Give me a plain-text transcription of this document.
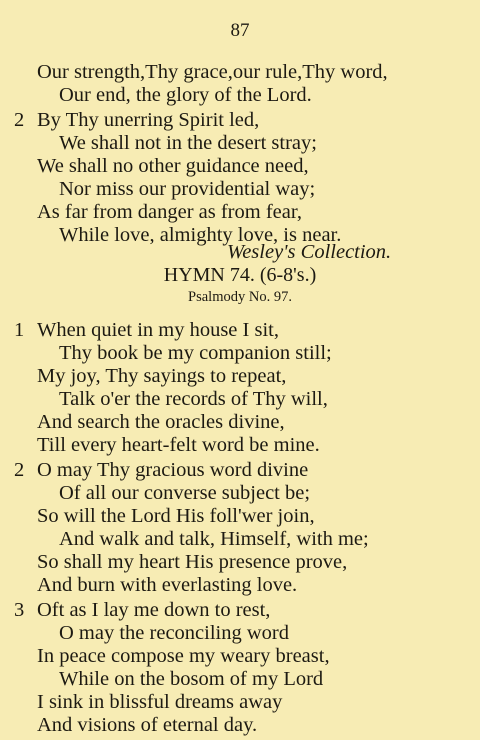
87
Our strength,Thy grace,our rule,Thy word,
Our end, the glory of the Lord.
2 By Thy unerring Spirit led,
We shall not in the desert stray;
We shall no other guidance need,
Nor miss our providential way;
As far from danger as from fear,
While love, almighty love, is near.
Wesley's Collection.
HYMN 74. (6-8's.)
Psalmody No. 97.
1 When quiet in my house I sit,
Thy book be my companion still;
My joy, Thy sayings to repeat,
Talk o'er the records of Thy will,
And search the oracles divine,
Till every heart-felt word be mine.
2 O may Thy gracious word divine
Of all our converse subject be;
So will the Lord His foll'wer join,
And walk and talk, Himself, with me;
So shall my heart His presence prove,
And burn with everlasting love.
3 Oft as I lay me down to rest,
O may the reconciling word
In peace compose my weary breast,
While on the bosom of my Lord
I sink in blissful dreams away
And visions of eternal day.
